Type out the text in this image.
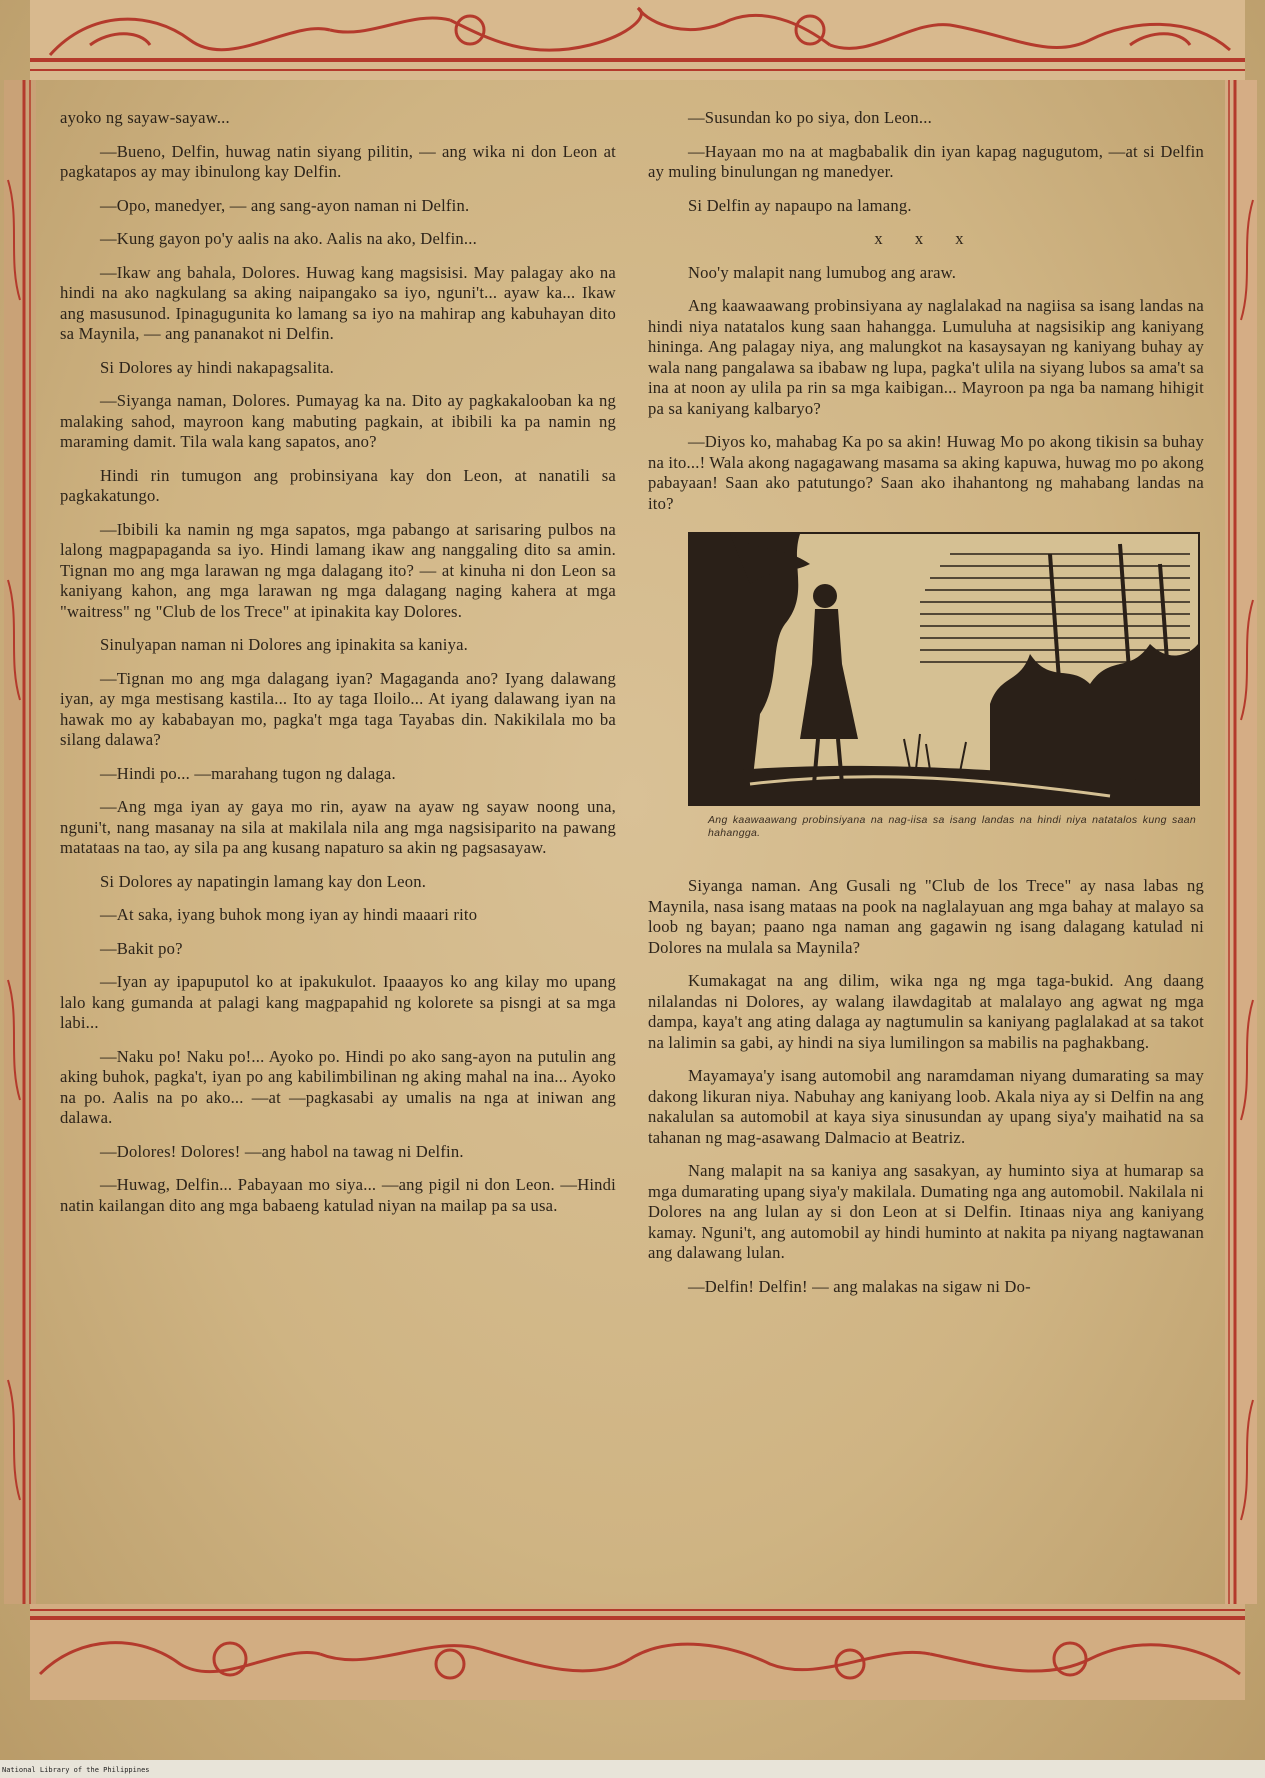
ayoko ng sayaw-sayaw...

—Bueno, Delfin, huwag natin siyang pilitin, — ang wika ni don Leon at pagkatapos ay may ibinulong kay Delfin.

—Opo, manedyer, — ang sang-ayon naman ni Delfin.

—Kung gayon po'y aalis na ako. Aalis na ako, Delfin...

—Ikaw ang bahala, Dolores. Huwag kang magsisisi. May palagay ako na hindi na ako nagkulang sa aking naipangako sa iyo, nguni't... ayaw ka... Ikaw ang masusunod. Ipinagugunita ko lamang sa iyo na mahirap ang kabuhayan dito sa Maynila, — ang pananakot ni Delfin.

Si Dolores ay hindi nakapagsalita.

—Siyanga naman, Dolores. Pumayag ka na. Dito ay pagkakalooban ka ng malaking sahod, mayroon kang mabuting pagkain, at ibibili ka pa namin ng maraming damit. Tila wala kang sapatos, ano?

Hindi rin tumugon ang probinsiyana kay don Leon, at nanatili sa pagkakatungo.

—Ibibili ka namin ng mga sapatos, mga pabango at sarisaring pulbos na lalong magpapaganda sa iyo. Hindi lamang ikaw ang nanggaling dito sa amin. Tignan mo ang mga larawan ng mga dalagang ito? — at kinuha ni don Leon sa kaniyang kahon, ang mga larawan ng mga dalagang naging kahera at mga "waitress" ng "Club de los Trece" at ipinakita kay Dolores.

Sinulyapan naman ni Dolores ang ipinakita sa kaniya.

—Tignan mo ang mga dalagang iyan? Magaganda ano? Iyang dalawang iyan, ay mga mestisang kastila... Ito ay taga Iloilo... At iyang dalawang iyan na hawak mo ay kababayan mo, pagka't mga taga Tayabas din. Nakikilala mo ba silang dalawa?

—Hindi po... —marahang tugon ng dalaga.

—Ang mga iyan ay gaya mo rin, ayaw na ayaw ng sayaw noong una, nguni't, nang masanay na sila at makilala nila ang mga nagsisiparito na pawang matataas na tao, ay sila pa ang kusang napaturo sa akin ng pagsasayaw.

Si Dolores ay napatingin lamang kay don Leon.

—At saka, iyang buhok mong iyan ay hindi maaari rito

—Bakit po?

—Iyan ay ipapuputol ko at ipakukulot. Ipaaayos ko ang kilay mo upang lalo kang gumanda at palagi kang magpapahid ng kolorete sa pisngi at sa mga labi...

—Naku po! Naku po!... Ayoko po. Hindi po ako sang-ayon na putulin ang aking buhok, pagka't, iyan po ang kabilimbilinan ng aking mahal na ina... Ayoko na po. Aalis na po ako... —at —pagkasabi ay umalis na nga at iniwan ang dalawa.

—Dolores! Dolores! —ang habol na tawag ni Delfin.

—Huwag, Delfin... Pabayaan mo siya... —ang pigil ni don Leon. —Hindi natin kailangan dito ang mga babaeng katulad niyan na mailap pa sa usa.

—Susundan ko po siya, don Leon...

—Hayaan mo na at magbabalik din iyan kapag nagugutom, —at si Delfin ay muling binulungan ng manedyer.

Si Delfin ay napaupo na lamang.

x x x

Noo'y malapit nang lumubog ang araw.

Ang kaawaawang probinsiyana ay naglalakad na nagiisa sa isang landas na hindi niya natatalos kung saan hahangga. Lumuluha at nagsisikip ang kaniyang hininga. Ang palagay niya, ang malungkot na kasaysayan ng kaniyang buhay ay wala nang pangalawa sa ibabaw ng lupa, pagka't ulila na siyang lubos sa ama't sa ina at noon ay ulila pa rin sa mga kaibigan... Mayroon pa nga ba namang hihigit pa sa kaniyang kalbaryo?

—Diyos ko, mahabag Ka po sa akin! Huwag Mo po akong tikisin sa buhay na ito...! Wala akong nagagawang masama sa aking kapuwa, huwag mo po akong pabayaan! Saan ako patutungo? Saan ako ihahantong ng mahabang landas na ito?

Ang kaawaawang probinsiyana na nag-iisa sa isang landas na hindi niya natatalos kung saan hahangga.

Siyanga naman. Ang Gusali ng "Club de los Trece" ay nasa labas ng Maynila, nasa isang mataas na pook na naglalayuan ang mga bahay at malayo sa loob ng bayan; paano nga naman ang gagawin ng isang dalagang katulad ni Dolores na mulala sa Maynila?

Kumakagat na ang dilim, wika nga ng mga taga-bukid. Ang daang nilalandas ni Dolores, ay walang ilawdagitab at malalayo ang agwat ng mga dampa, kaya't ang ating dalaga ay nagtumulin sa kaniyang paglalakad at sa takot na lalimin sa gabi, ay hindi na siya lumilingon sa mabilis na paghakbang.

Mayamaya'y isang automobil ang naramdaman niyang dumarating sa may dakong likuran niya. Nabuhay ang kaniyang loob. Akala niya ay si Delfin na ang nakalulan sa automobil at kaya siya sinusundan ay upang siya'y maihatid na sa tahanan ng mag-asawang Dalmacio at Beatriz.

Nang malapit na sa kaniya ang sasakyan, ay huminto siya at humarap sa mga dumarating upang siya'y makilala. Dumating nga ang automobil. Nakilala ni Dolores na ang lulan ay si don Leon at si Delfin. Itinaas niya ang kaniyang kamay. Nguni't, ang automobil ay hindi huminto at nakita pa niyang nagtawanan ang dalawang lulan.

—Delfin! Delfin! — ang malakas na sigaw ni Do-

National Library of the Philippines
